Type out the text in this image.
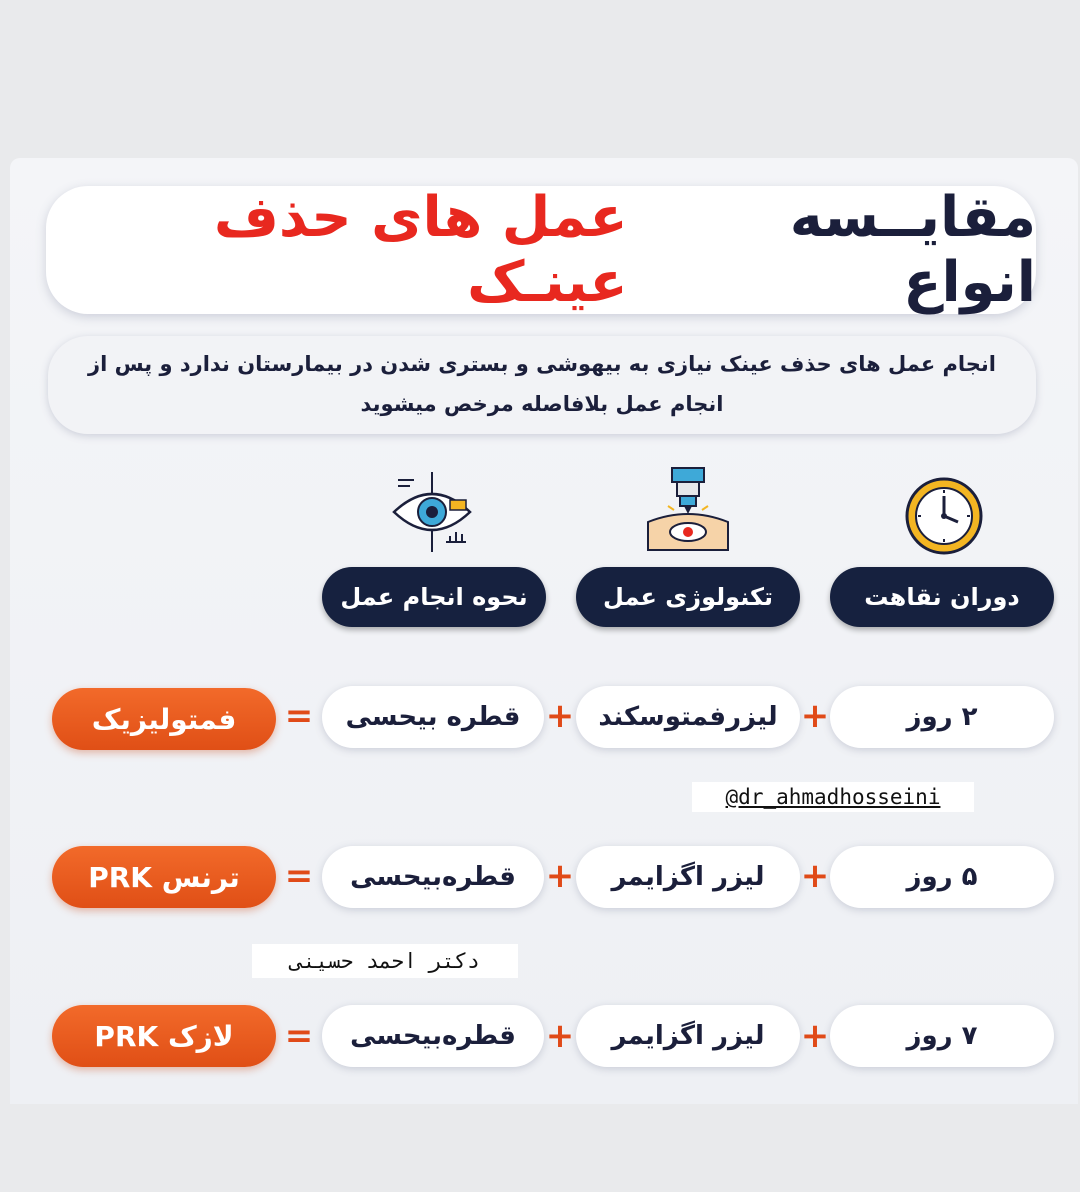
مقایــسه انواع
عمل های حذف عینـک
انجام عمل های حذف عینک نیازی به بیهوشی و بستری شدن در بیمارستان ندارد و پس از
انجام عمل بلافاصله مرخص میشوید
دوران نقاهت
تکنولوژی عمل
نحوه انجام عمل
۲ روز
+
لیزرفمتوسکند
+
قطره بیحسی
=
فمتولیزیک
@dr_ahmadhosseini
۵ روز
+
لیزر اگزایمر
+
قطره‌بیحسی
=
ترنس PRK
دکتر احمد حسینی
۷ روز
+
لیزر اگزایمر
+
قطره‌بیحسی
=
لازک PRK
